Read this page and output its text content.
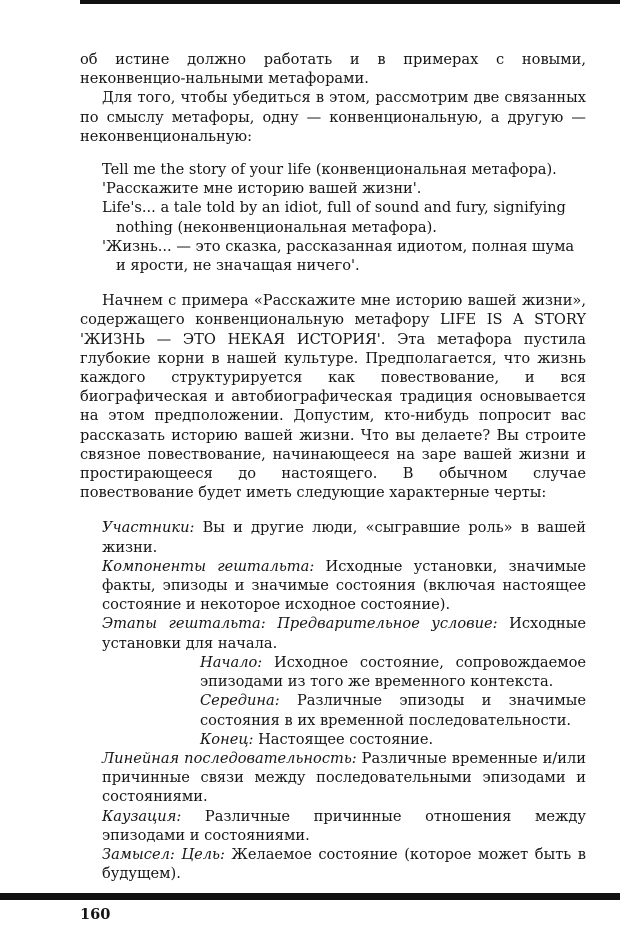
об истине должно работать и в примерах с новыми, неконвенцио-нальными метафорами.

Для того, чтобы убедиться в этом, рассмотрим две связанных по смыслу метафоры, одну — конвенциональную, а другую — неконвенциональную:

Tell me the story of your life (конвенциональная метафора).
'Расскажите мне историю вашей жизни'.
Life's... a tale told by an idiot, full of sound and fury, signifying nothing (неконвенциональная метафора).
'Жизнь... — это сказка, рассказанная идиотом, полная шума и ярости, не значащая ничего'.

Начнем с примера «Расскажите мне историю вашей жизни», содержащего конвенциональную метафору LIFE IS A STORY 'ЖИЗНЬ — ЭТО НЕКАЯ ИСТОРИЯ'. Эта метафора пустила глубокие корни в нашей культуре. Предполагается, что жизнь каждого структурируется как повествование, и вся биографическая и автобиографическая традиция основывается на этом предположении. Допустим, кто-нибудь попросит вас рассказать историю вашей жизни. Что вы делаете? Вы строите связное повествование, начинающееся на заре вашей жизни и простирающееся до настоящего. В обычном случае повествование будет иметь следующие характерные черты:

Участники: Вы и другие люди, «сыгравшие роль» в вашей жизни.
Компоненты гештальта: Исходные установки, значимые факты, эпизоды и значимые состояния (включая настоящее состояние и некоторое исходное состояние).
Этапы гештальта: Предварительное условие: Исходные установки для начала.
Начало: Исходное состояние, сопровождаемое эпизодами из того же временного контекста.
Середина: Различные эпизоды и значимые состояния в их временной последовательности.
Конец: Настоящее состояние.
Линейная последовательность: Различные временные и/или причинные связи между последовательными эпизодами и состояниями.
Каузация: Различные причинные отношения между эпизодами и состояниями.
Замысел: Цель: Желаемое состояние (которое может быть в будущем).
160
